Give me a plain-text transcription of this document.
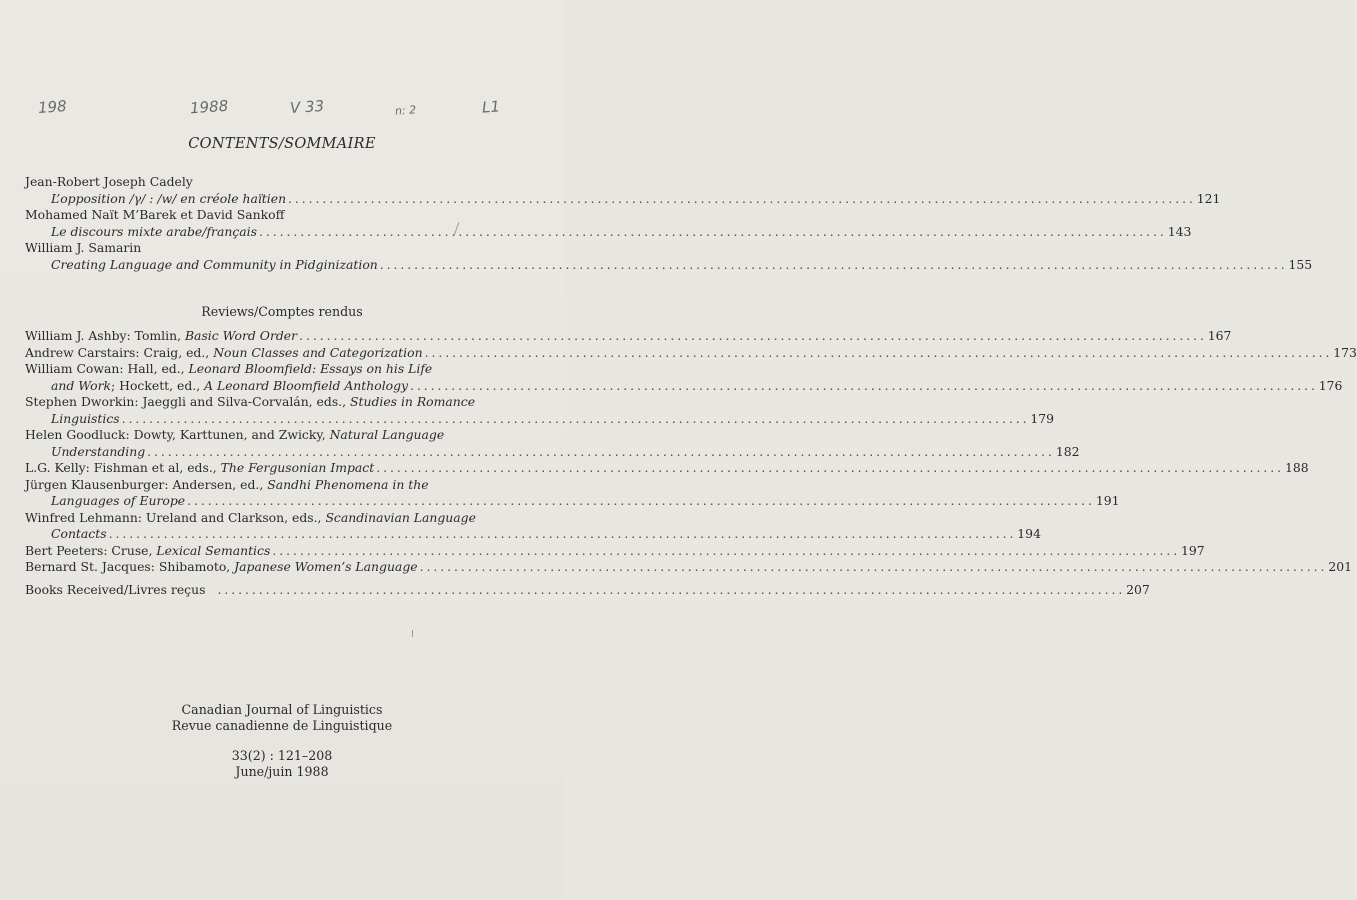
198	1988	V 33	n: 2	L1
CONTENTS/SOMMAIRE
Jean-Robert Joseph Cadely
L’opposition /γ/ : /w/ en créole haïtien . . .	121
Mohamed Naït M’Barek et David Sankoff
Le discours mixte arabe/français . . .	143
William J. Samarin
Creating Language and Community in Pidginization . . .	155
Reviews/Comptes rendus
William J. Ashby: Tomlin, Basic Word Order . . .	167
Andrew Carstairs: Craig, ed., Noun Classes and Categorization . . .	173
William Cowan: Hall, ed., Leonard Bloomfield: Essays on his Life
and Work; Hockett, ed., A Leonard Bloomfield Anthology . . .	176
Stephen Dworkin: Jaeggli and Silva-Corvalán, eds., Studies in Romance
Linguistics . . .	179
Helen Goodluck: Dowty, Karttunen, and Zwicky, Natural Language
Understanding . . .	182
L.G. Kelly: Fishman et al, eds., The Fergusonian Impact . . .	188
Jürgen Klausenburger: Andersen, ed., Sandhi Phenomena in the
Languages of Europe . . .	191
Winfred Lehmann: Ureland and Clarkson, eds., Scandinavian Language
Contacts . . .	194
Bert Peeters: Cruse, Lexical Semantics . . .	197
Bernard St. Jacques: Shibamoto, Japanese Women’s Language . . .	201
Books Received/Livres reçus . . .	207
Canadian Journal of Linguistics
Revue canadienne de Linguistique
33(2) : 121–208
June/juin 1988
